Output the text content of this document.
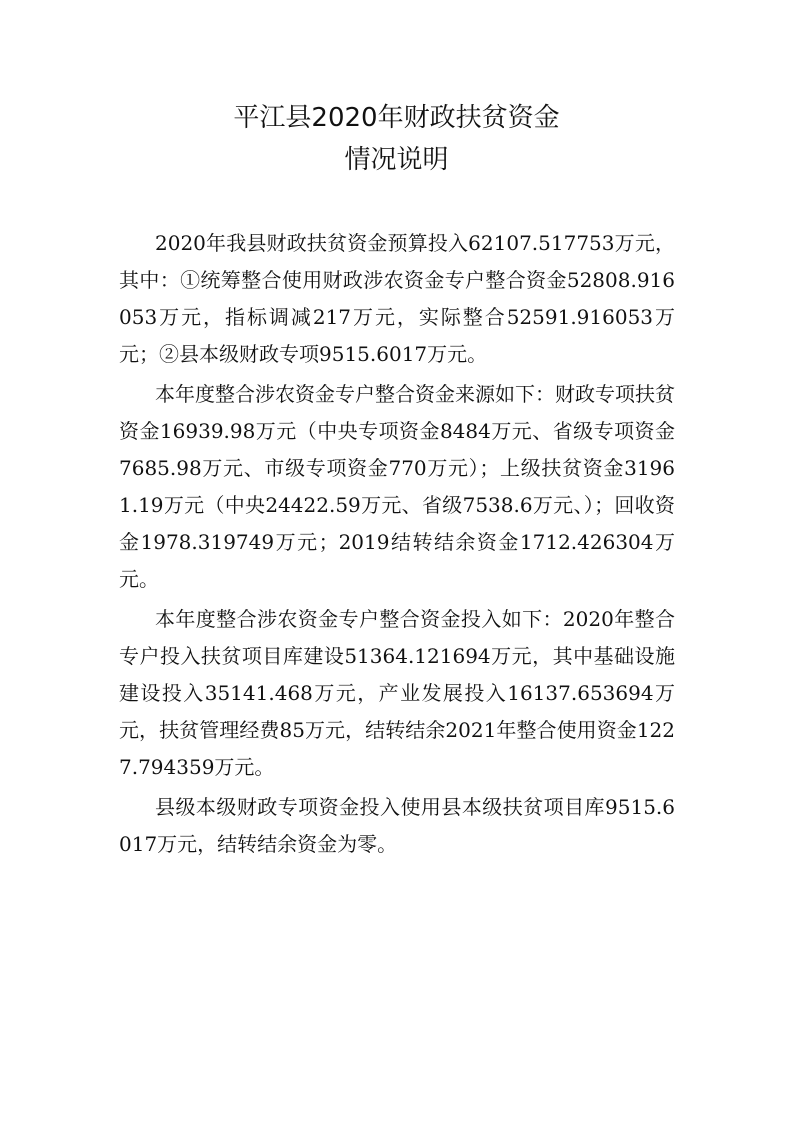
平江县2020年财政扶贫资金
情况说明

2020年我县财政扶贫资金预算投入62107.517753万元，其中：①统筹整合使用财政涉农资金专户整合资金52808.916053万元，指标调减217万元，实际整合52591.916053万元；②县本级财政专项9515.6017万元。

本年度整合涉农资金专户整合资金来源如下：财政专项扶贫资金16939.98万元（中央专项资金8484万元、省级专项资金7685.98万元、市级专项资金770万元）；上级扶贫资金31961.19万元（中央24422.59万元、省级7538.6万元、）；回收资金1978.319749万元；2019结转结余资金1712.426304万元。

本年度整合涉农资金专户整合资金投入如下：2020年整合专户投入扶贫项目库建设51364.121694万元，其中基础设施建设投入35141.468万元，产业发展投入16137.653694万元，扶贫管理经费85万元，结转结余2021年整合使用资金1227.794359万元。

县级本级财政专项资金投入使用县本级扶贫项目库9515.6017万元，结转结余资金为零。
